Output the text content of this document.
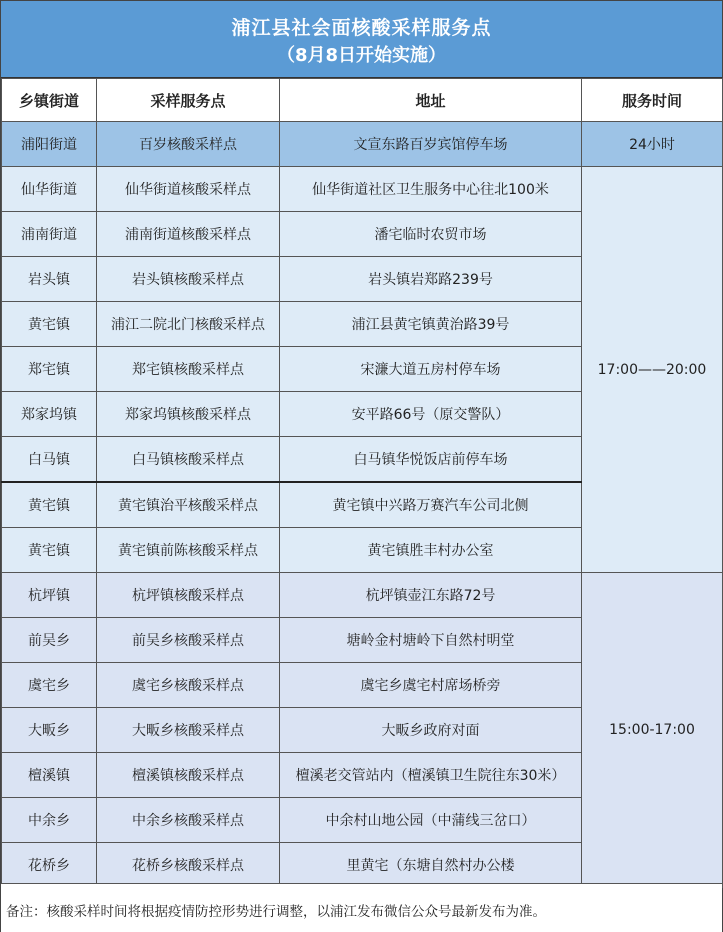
浦江县社会面核酸采样服务点
（8月8日开始实施）
乡镇街道	采样服务点	地址	服务时间
浦阳街道	百岁核酸采样点	文宣东路百岁宾馆停车场	24小时
仙华街道	仙华街道核酸采样点	仙华街道社区卫生服务中心往北100米	17:00——20:00
浦南街道	浦南街道核酸采样点	潘宅临时农贸市场	
岩头镇	岩头镇核酸采样点	岩头镇岩郑路239号	
黄宅镇	浦江二院北门核酸采样点	浦江县黄宅镇黄治路39号	
郑宅镇	郑宅镇核酸采样点	宋濂大道五房村停车场	
郑家坞镇	郑家坞镇核酸采样点	安平路66号（原交警队）	
白马镇	白马镇核酸采样点	白马镇华悦饭店前停车场	
黄宅镇	黄宅镇治平核酸采样点	黄宅镇中兴路万赛汽车公司北侧	
黄宅镇	黄宅镇前陈核酸采样点	黄宅镇胜丰村办公室	
杭坪镇	杭坪镇核酸采样点	杭坪镇壶江东路72号	15:00-17:00
前吴乡	前吴乡核酸采样点	塘岭金村塘岭下自然村明堂	
虞宅乡	虞宅乡核酸采样点	虞宅乡虞宅村席场桥旁	
大畈乡	大畈乡核酸采样点	大畈乡政府对面	
檀溪镇	檀溪镇核酸采样点	檀溪老交管站内（檀溪镇卫生院往东30米）	
中余乡	中余乡核酸采样点	中余村山地公园（中蒲线三岔口）	
花桥乡	花桥乡核酸采样点	里黄宅（东塘自然村办公楼	
备注：核酸采样时间将根据疫情防控形势进行调整，以浦江发布微信公众号最新发布为准。
